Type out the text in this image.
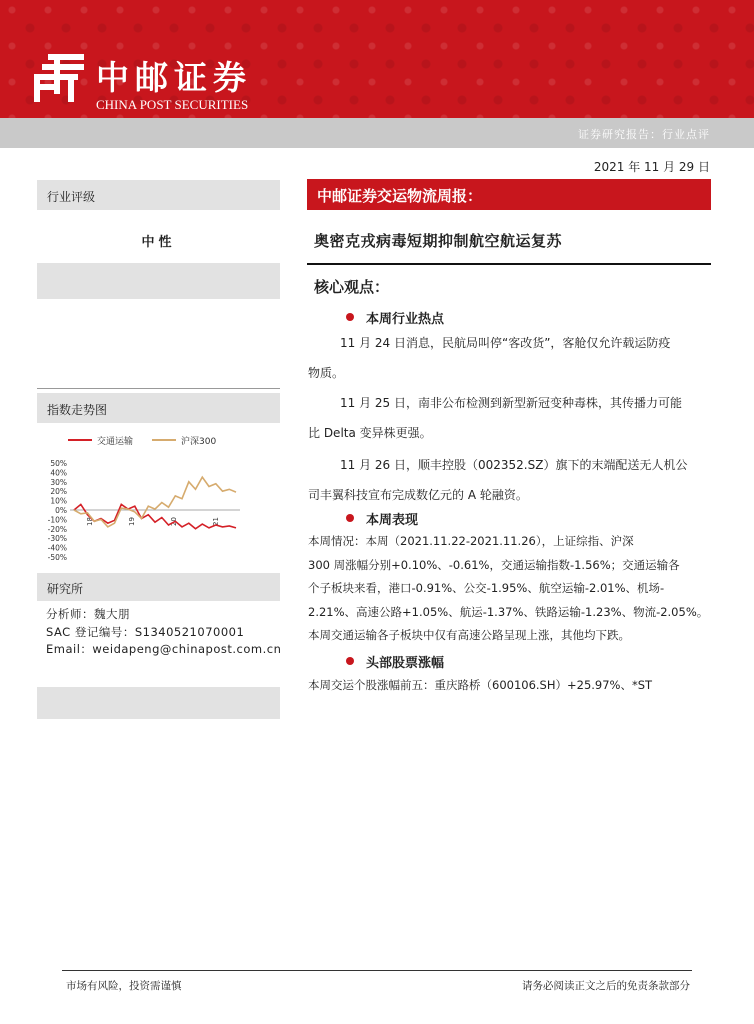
中邮证券
CHINA POST SECURITIES
证券研究报告：行业点评
2021 年 11 月 29 日
行业评级
中性
指数走势图
交通运输	沪深300
50%
40%
30%
20%
10%
0%
-10%
-20%
-30%
-40%
-50%
18	19	20	21
研究所
分析师：魏大朋
SAC 登记编号：S1340521070001
Email：weidapeng@chinapost.com.cn
中邮证券交运物流周报：
奥密克戎病毒短期抑制航空航运复苏
核心观点：
本周行业热点
11 月 24 日消息，民航局叫停“客改货”，客舱仅允许载运防疫
物质。
11 月 25 日，南非公布检测到新型新冠变种毒株，其传播力可能
比 Delta 变异株更强。
11 月 26 日，顺丰控股（002352.SZ）旗下的末端配送无人机公
司丰翼科技宣布完成数亿元的 A 轮融资。
本周表现
本周情况：本周（2021.11.22-2021.11.26），上证综指、沪深
300 周涨幅分别+0.10%、-0.61%，交通运输指数-1.56%；交通运输各
个子板块来看，港口-0.91%、公交-1.95%、航空运输-2.01%、机场-
2.21%、高速公路+1.05%、航运-1.37%、铁路运输-1.23%、物流-2.05%。
本周交通运输各子板块中仅有高速公路呈现上涨，其他均下跌。
头部股票涨幅
本周交运个股涨幅前五：重庆路桥（600106.SH）+25.97%、*ST
市场有风险，投资需谨慎	请务必阅读正文之后的免责条款部分
